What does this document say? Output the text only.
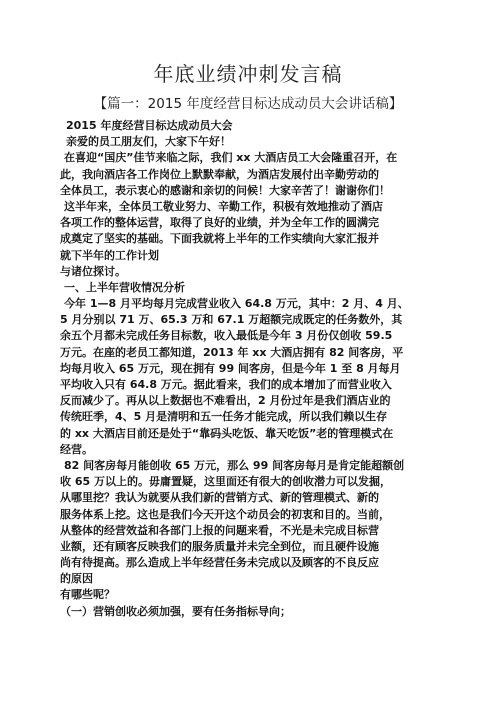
年底业绩冲刺发言稿
【篇一：2015 年度经营目标达成动员大会讲话稿】
2015 年度经营目标达成动员大会
亲爱的员工朋友们，大家下午好！
在喜迎“国庆”佳节来临之际，我们 xx 大酒店员工大会隆重召开，在
此，我向酒店各工作岗位上默默奉献，为酒店发展付出辛勤劳动的
全体员工，表示衷心的感谢和亲切的问候！大家辛苦了！谢谢你们！
这半年来，全体员工敬业努力、辛勤工作，积极有效地推动了酒店
各项工作的整体运营，取得了良好的业绩，并为全年工作的圆满完
成奠定了坚实的基础。下面我就将上半年的工作实绩向大家汇报并
就下半年的工作计划
与诸位探讨。
一、上半年营收情况分析
今年 1—8 月平均每月完成营业收入 64.8 万元，其中：2 月、4 月、
5 月分别以 71 万、65.3 万和 67.1 万超额完成既定的任务数外，其
余五个月都未完成任务目标数，收入最低是今年 3 月份仅创收 59.5
万元。在座的老员工都知道，2013 年 xx 大酒店拥有 82 间客房，平
均每月收入 65 万元，现在拥有 99 间客房，但是今年 1 至 8 月每月
平均收入只有 64.8 万元。据此看来，我们的成本增加了而营业收入
反而减少了。再从以上数据也不难看出，2 月份过年是我们酒店业的
传统旺季，4、5 月是清明和五一任务才能完成，所以我们赖以生存
的 xx 大酒店目前还是处于“靠码头吃饭、靠天吃饭”老的管理模式在
经营。
82 间客房每月能创收 65 万元，那么 99 间客房每月是肯定能超额创
收 65 万以上的。毋庸置疑，这里面还有很大的创收潜力可以发掘，
从哪里挖？我认为就要从我们新的营销方式、新的管理模式、新的
服务体系上挖。这也是我们今天开这个动员会的初衷和目的。当前，
从整体的经营效益和各部门上报的问题来看，不光是未完成目标营
业额，还有顾客反映我们的服务质量并未完全到位，而且硬件设施
尚有待提高。那么造成上半年经营任务未完成以及顾客的不良反应
的原因
有哪些呢？
（一）营销创收必须加强，要有任务指标导向；
